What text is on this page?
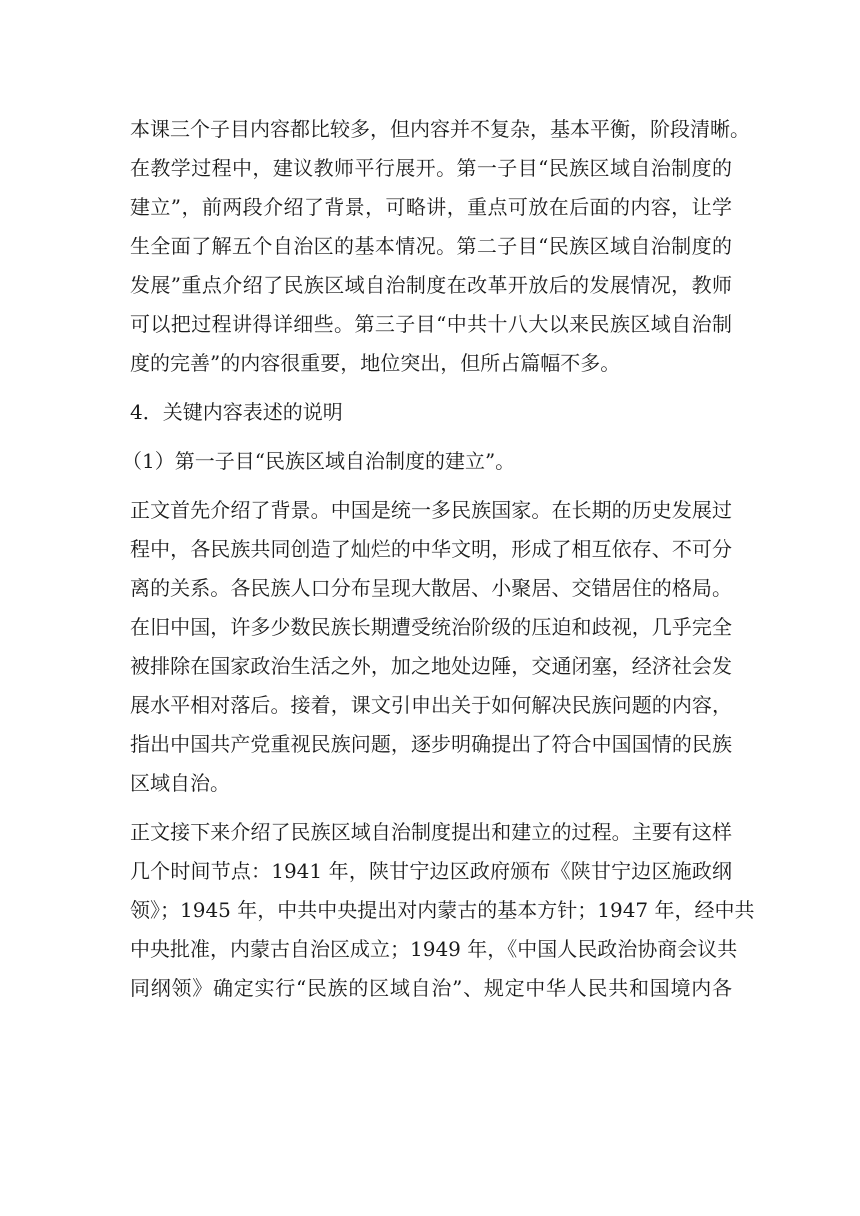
本课三个子目内容都比较多，但内容并不复杂，基本平衡，阶段清晰。
在教学过程中，建议教师平行展开。第一子目“民族区域自治制度的
建立”，前两段介绍了背景，可略讲，重点可放在后面的内容，让学
生全面了解五个自治区的基本情况。第二子目“民族区域自治制度的
发展”重点介绍了民族区域自治制度在改革开放后的发展情况，教师
可以把过程讲得详细些。第三子目“中共十八大以来民族区域自治制
度的完善”的内容很重要，地位突出，但所占篇幅不多。
4．关键内容表述的说明
（1）第一子目“民族区域自治制度的建立”。
正文首先介绍了背景。中国是统一多民族国家。在长期的历史发展过
程中，各民族共同创造了灿烂的中华文明，形成了相互依存、不可分
离的关系。各民族人口分布呈现大散居、小聚居、交错居住的格局。
在旧中国，许多少数民族长期遭受统治阶级的压迫和歧视，几乎完全
被排除在国家政治生活之外，加之地处边陲，交通闭塞，经济社会发
展水平相对落后。接着，课文引申出关于如何解决民族问题的内容，
指出中国共产党重视民族问题，逐步明确提出了符合中国国情的民族
区域自治。
正文接下来介绍了民族区域自治制度提出和建立的过程。主要有这样
几个时间节点：1941 年，陕甘宁边区政府颁布《陕甘宁边区施政纲
领》；1945 年，中共中央提出对内蒙古的基本方针；1947 年，经中共
中央批准，内蒙古自治区成立；1949 年，《中国人民政治协商会议共
同纲领》确定实行“民族的区域自治”、规定中华人民共和国境内各
